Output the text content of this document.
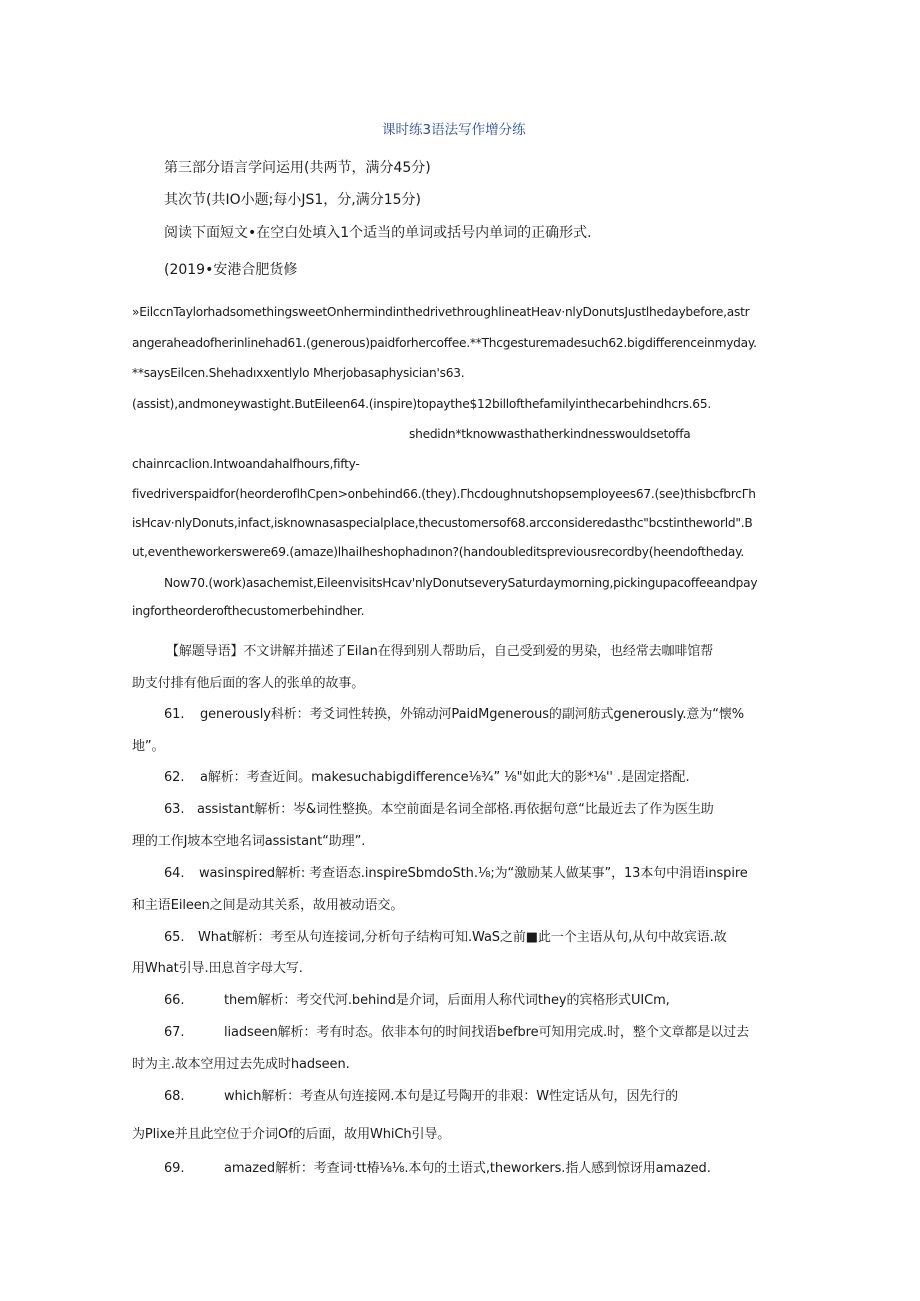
课时练3语法写作增分练
第三部分语言学问运用(共两节，满分45分)
其次节(共IO小题;每小JS1，分,满分15分)
阅读下面短文•在空白处填入1个适当的单词或括号内单词的正确形式.
(2019•安港合肥货修
»EilccnTaylorhadsomethingsweetOnhermindinthedrivethroughlineatHeav·nlyDonutsJustlhedaybefore,astr
angeraheadofherinlinehad61.(generous)paidforhercoffee.**Thcgesturemadesuch62.bigdifferenceinmyday.
**saysEilcen.Shehadıxxentlylo Mherjobasaphysician's63.
(assist),andmoneywastight.ButEileen64.(inspire)topaythe$12billofthefamilyinthecarbehindhcrs.65.
shedidn*tknowwasthatherkindnesswouldsetoffa
chainrcaclion.Intwoandahalfhours,fifty-
fivedriverspaidfor(heorderoflhCpen>onbehind66.(they).Γhcdoughnutshopsemployees67.(see)thisbcfbrcΓh
isHcav·nlyDonuts,infact,isknownasaspecialplace,thecustomersof68.arcconsideredasthc"bcstintheworld".B
ut,eventheworkerswere69.(amaze)lhaiIheshophadınon?(handoubleditspreviousrecordby(heendoftheday.
Now70.(work)asachemist,EileenvisitsHcav'nlyDonutseverySaturdaymorning,pickingupacoffeeandpay
ingfortheorderofthecustomerbehindher.
【解题导语】不文讲解并描述了Eilan在得到别人帮助后，自己受到爱的男染，也经常去咖啡馆帮
助支付排有他后面的客人的张单的故事。
61. generously科析：考爻词性转换，外锦动河PaidMgenerous的副河舫式generously.意为“懐%
地”。
62. a解析：考查近间。makesuchabigdifference⅛¾” ⅛"如此大的影*⅛'' .是固定搭配.
63. assistant解析：岑&词性整换。本空前面是名词全部格.再依据句意“比最近去了作为医生助
理的工作J坡本空地名词assistant“助理”.
64. wasinspired解析: 考查语态.inspireSbmdoSth.⅛;为“激励某人做某事”，13本句中涓语inspire
和主语Eileen之间是动其关系，故用被动语交。
65. What解析：考至从句连接词,分析句子结构可知.WaS之前■此一个主语从句,从句中故宾语.故
用What引导.田息首字母大写.
66.	them解析：考交代河.behind是介词，后面用人称代词they的宾格形式UICm,
67.	liadseen解析：考有时态。依非本句的时间找语befbre可知用完成.时，整个文章都是以过去
时为主.故本空用过去先成时hadseen.
68.	which解析：考查从句连接网.本句是辽号陶开的非艰：W性定话从句，因先行的
为Plixe并且此空位于介词Of的后面，故用WhiCh引导。
69.	amazed解析：考查词·tt椿⅛⅛.本句的土语式,theworkers.指人感到惊讶用amazed.
